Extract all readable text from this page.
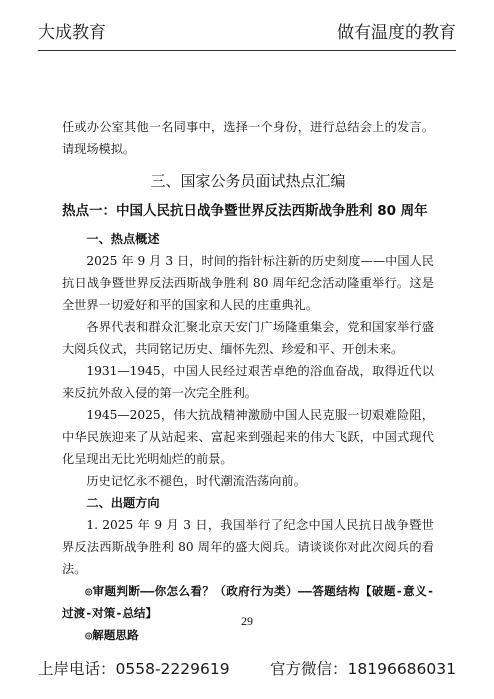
大成教育	做有温度的教育

任或办公室其他一名同事中，选择一个身份，进行总结会上的发言。请现场模拟。

三、国家公务员面试热点汇编

热点一：中国人民抗日战争暨世界反法西斯战争胜利 80 周年

一、热点概述

2025 年 9 月 3 日，时间的指针标注新的历史刻度——中国人民抗日战争暨世界反法西斯战争胜利 80 周年纪念活动隆重举行。这是全世界一切爱好和平的国家和人民的庄重典礼。

各界代表和群众汇聚北京天安门广场隆重集会，党和国家举行盛大阅兵仪式，共同铭记历史、缅怀先烈、珍爱和平、开创未来。

1931—1945，中国人民经过艰苦卓绝的浴血奋战，取得近代以来反抗外敌入侵的第一次完全胜利。

1945—2025，伟大抗战精神激励中国人民克服一切艰难险阻，中华民族迎来了从站起来、富起来到强起来的伟大飞跃，中国式现代化呈现出无比光明灿烂的前景。

历史记忆永不褪色，时代潮流浩荡向前。

二、出题方向

1. 2025 年 9 月 3 日，我国举行了纪念中国人民抗日战争暨世界反法西斯战争胜利 80 周年的盛大阅兵。请谈谈你对此次阅兵的看法。

◎审题判断——你怎么看？（政府行为类）——答题结构【破题-意义-过渡-对策-总结】

◎解题思路

29
上岸电话：0558-2229619	官方微信：18196686031
